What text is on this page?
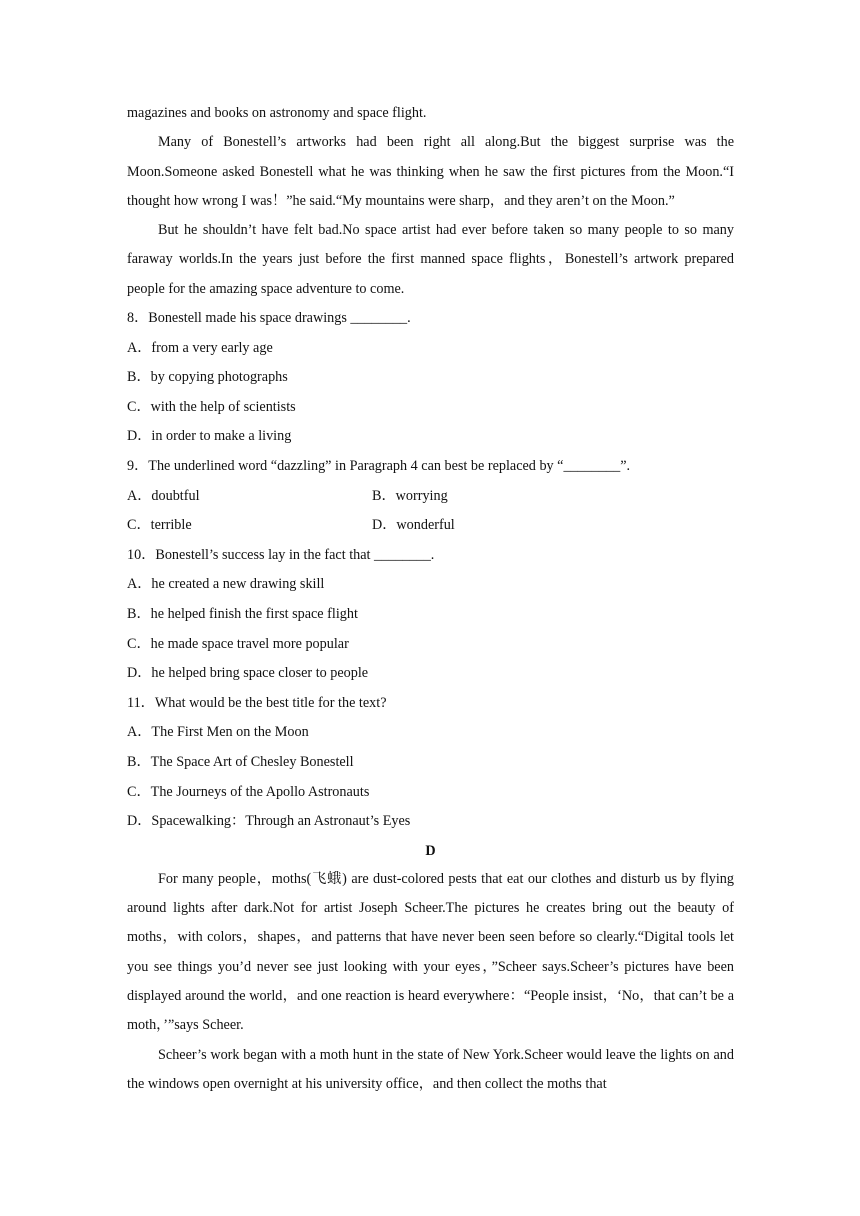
magazines and books on astronomy and space flight.

Many of Bonestell’s artworks had been right all along.But the biggest surprise was the Moon.Someone asked Bonestell what he was thinking when he saw the first pictures from the Moon.“I thought how wrong I was！”he said.“My mountains were sharp，and they aren’t on the Moon.”

But he shouldn’t have felt bad.No space artist had ever before taken so many people to so many faraway worlds.In the years just before the first manned space flights，Bonestell’s artwork prepared people for the amazing space adventure to come.

8．Bonestell made his space drawings ________.

A．from a very early age

B．by copying photographs

C．with the help of scientists

D．in order to make a living

9．The underlined word “dazzling” in Paragraph 4 can best be replaced by “________”.

A．doubtful	B．worrying
C．terrible	D．wonderful

10．Bonestell’s success lay in the fact that ________.

A．he created a new drawing skill

B．he helped finish the first space flight

C．he made space travel more popular

D．he helped bring space closer to people

11．What would be the best title for the text?

A．The First Men on the Moon

B．The Space Art of Chesley Bonestell

C．The Journeys of the Apollo Astronauts

D．Spacewalking：Through an Astronaut’s Eyes

D

For many people，moths(飞蛾) are dust-colored pests that eat our clothes and disturb us by flying around lights after dark.Not for artist Joseph Scheer.The pictures he creates bring out the beauty of moths，with colors，shapes，and patterns that have never been seen before so clearly.“Digital tools let you see things you’d never see just looking with your eyes，”Scheer says.Scheer’s pictures have been displayed around the world，and one reaction is heard everywhere：“People insist，‘No，that can’t be a moth，’”says Scheer.

Scheer’s work began with a moth hunt in the state of New York.Scheer would leave the lights on and the windows open overnight at his university office，and then collect the moths that
